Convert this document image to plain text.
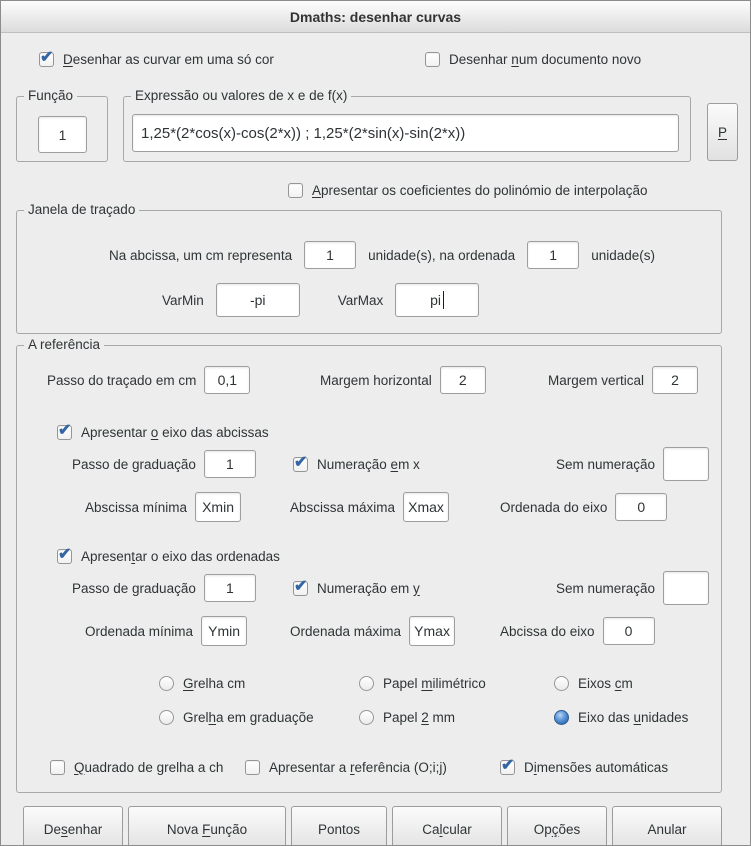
Dmaths: desenhar curvas
✔ Desenhar as curvar em uma só cor	Desenhar num documento novo
Função
1
Expressão ou valores de x e de f(x)
1,25*(2*cos(x)-cos(2*x)) ; 1,25*(2*sin(x)-sin(2*x))	P
Apresentar os coeficientes do polinómio de interpolação
Janela de traçado
Na abcissa, um cm representa	1	unidade(s), na ordenada	1	unidade(s)
VarMin	-pi	VarMax	pi
A referência
Passo do traçado em cm	0,1	Margem horizontal	2	Margem vertical	2
✔ Apresentar o eixo das abcissas
Passo de graduação	1	✔ Numeração em x	Sem numeração
Abscissa mínima	Xmin	Abscissa máxima Xmax	Ordenada do eixo	0
✔ Apresentar o eixo das ordenadas
Passo de graduação	1	✔ Numeração em y	Sem numeração
Ordenada mínima	Ymin	Ordenada máxima Ymax	Abcissa do eixo	0
Grelha cm	Papel milimétrico	Eixos cm
Grelha em graduaçõe	Papel 2 mm	Eixo das unidades
Quadrado de grelha a ch	Apresentar a referência (O;i;j)	✔ Dimensões automáticas
Desenhar	Nova Função	Pontos	Calcular	Opções	Anular
